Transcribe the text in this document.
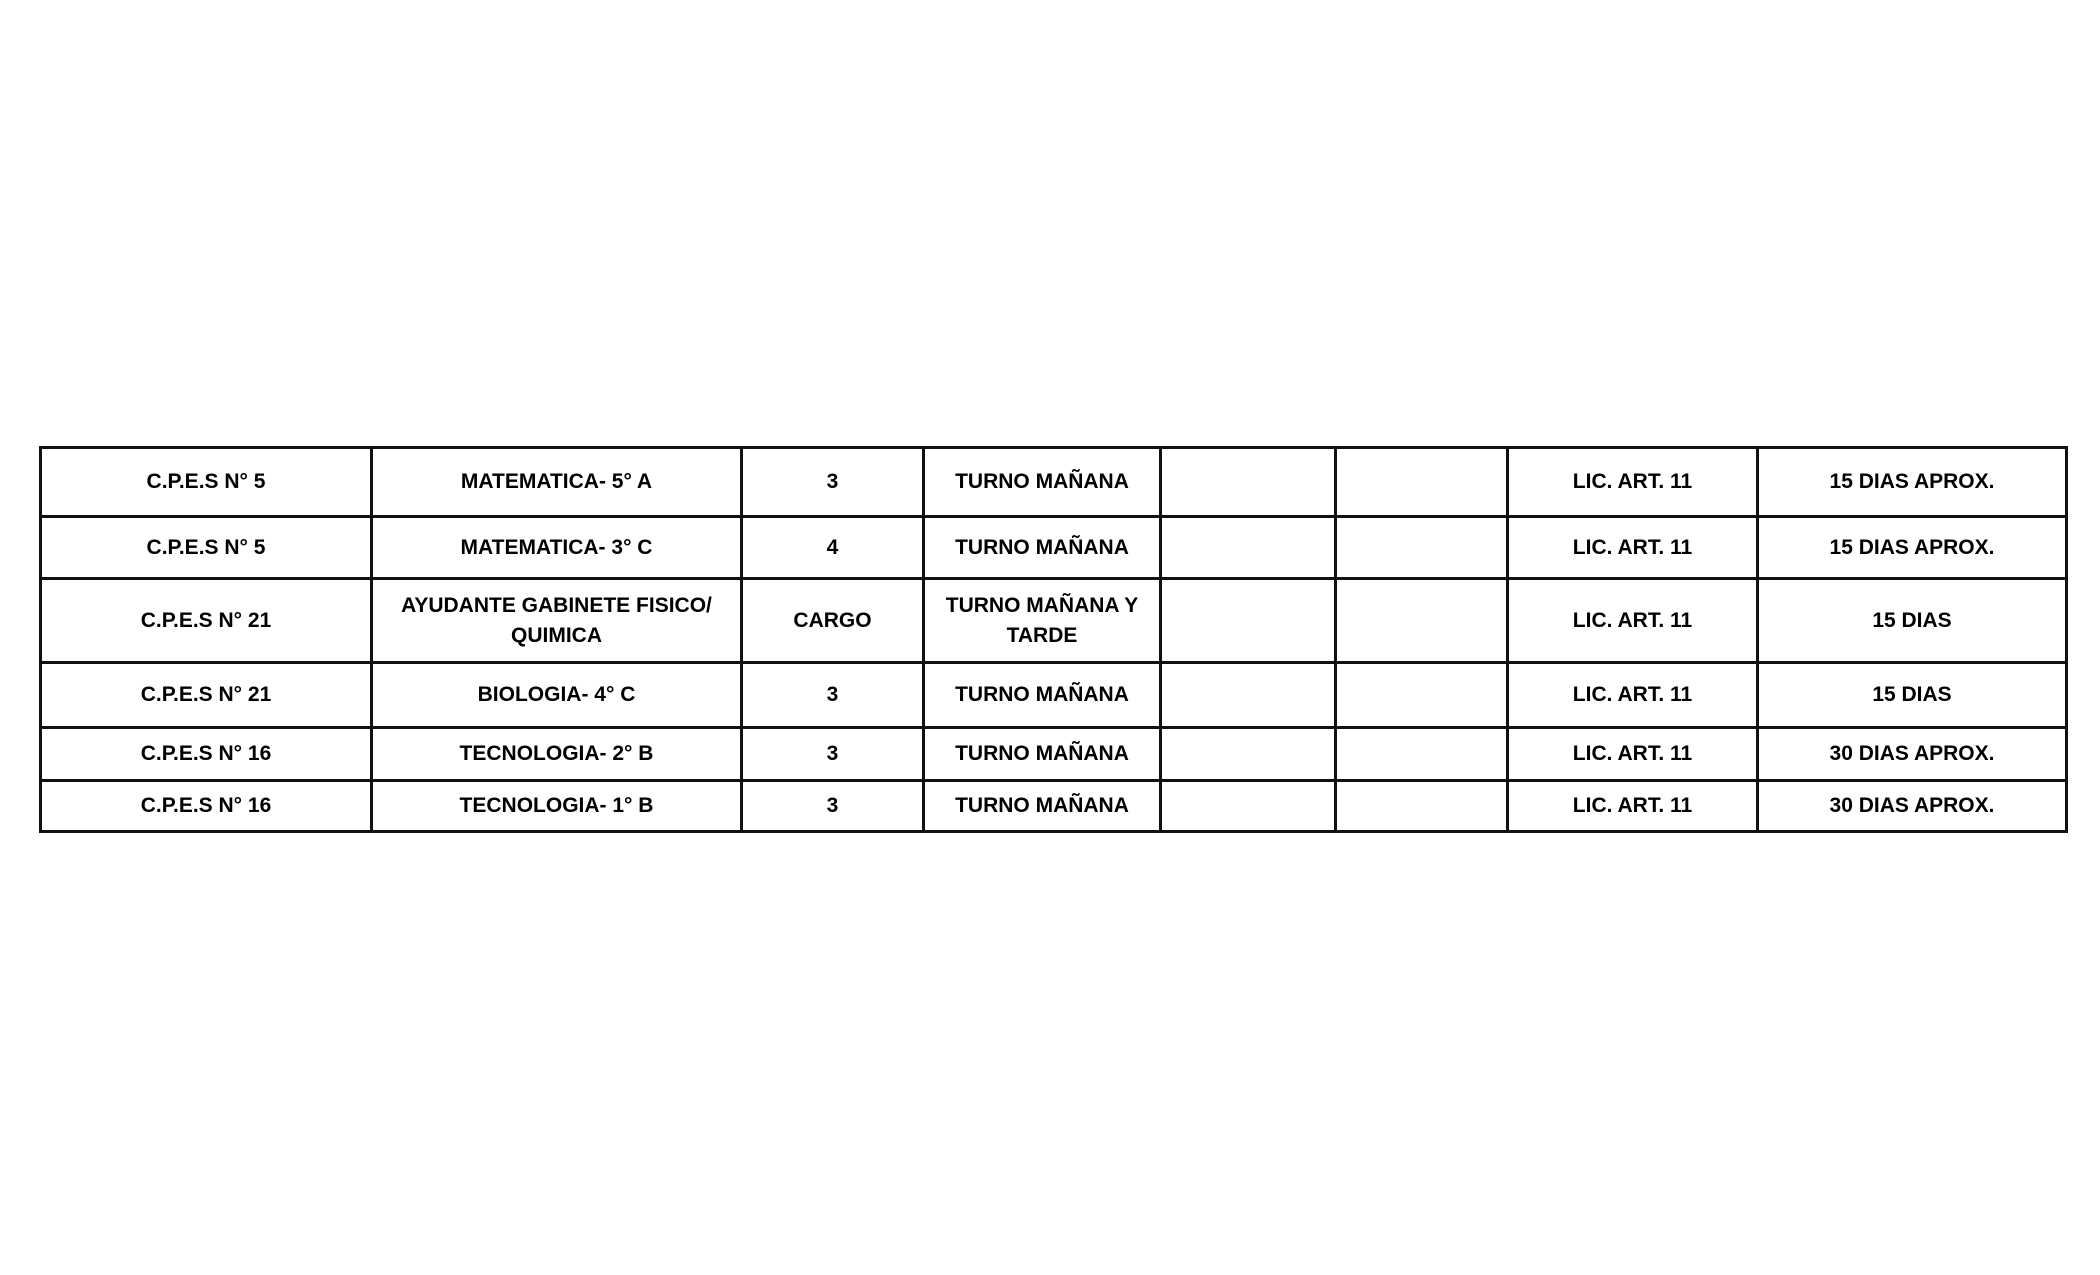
C.P.E.S N° 5	MATEMATICA- 5° A	3	TURNO MAÑANA			LIC. ART. 11	15 DIAS APROX.
C.P.E.S N° 5	MATEMATICA- 3° C	4	TURNO MAÑANA			LIC. ART. 11	15 DIAS APROX.
C.P.E.S N° 21	AYUDANTE GABINETE FISICO/ QUIMICA	CARGO	TURNO MAÑANA Y TARDE			LIC. ART. 11	15 DIAS
C.P.E.S N° 21	BIOLOGIA- 4° C	3	TURNO MAÑANA			LIC. ART. 11	15 DIAS
C.P.E.S N° 16	TECNOLOGIA- 2° B	3	TURNO MAÑANA			LIC. ART. 11	30 DIAS APROX.
C.P.E.S N° 16	TECNOLOGIA- 1° B	3	TURNO MAÑANA			LIC. ART. 11	30 DIAS APROX.
